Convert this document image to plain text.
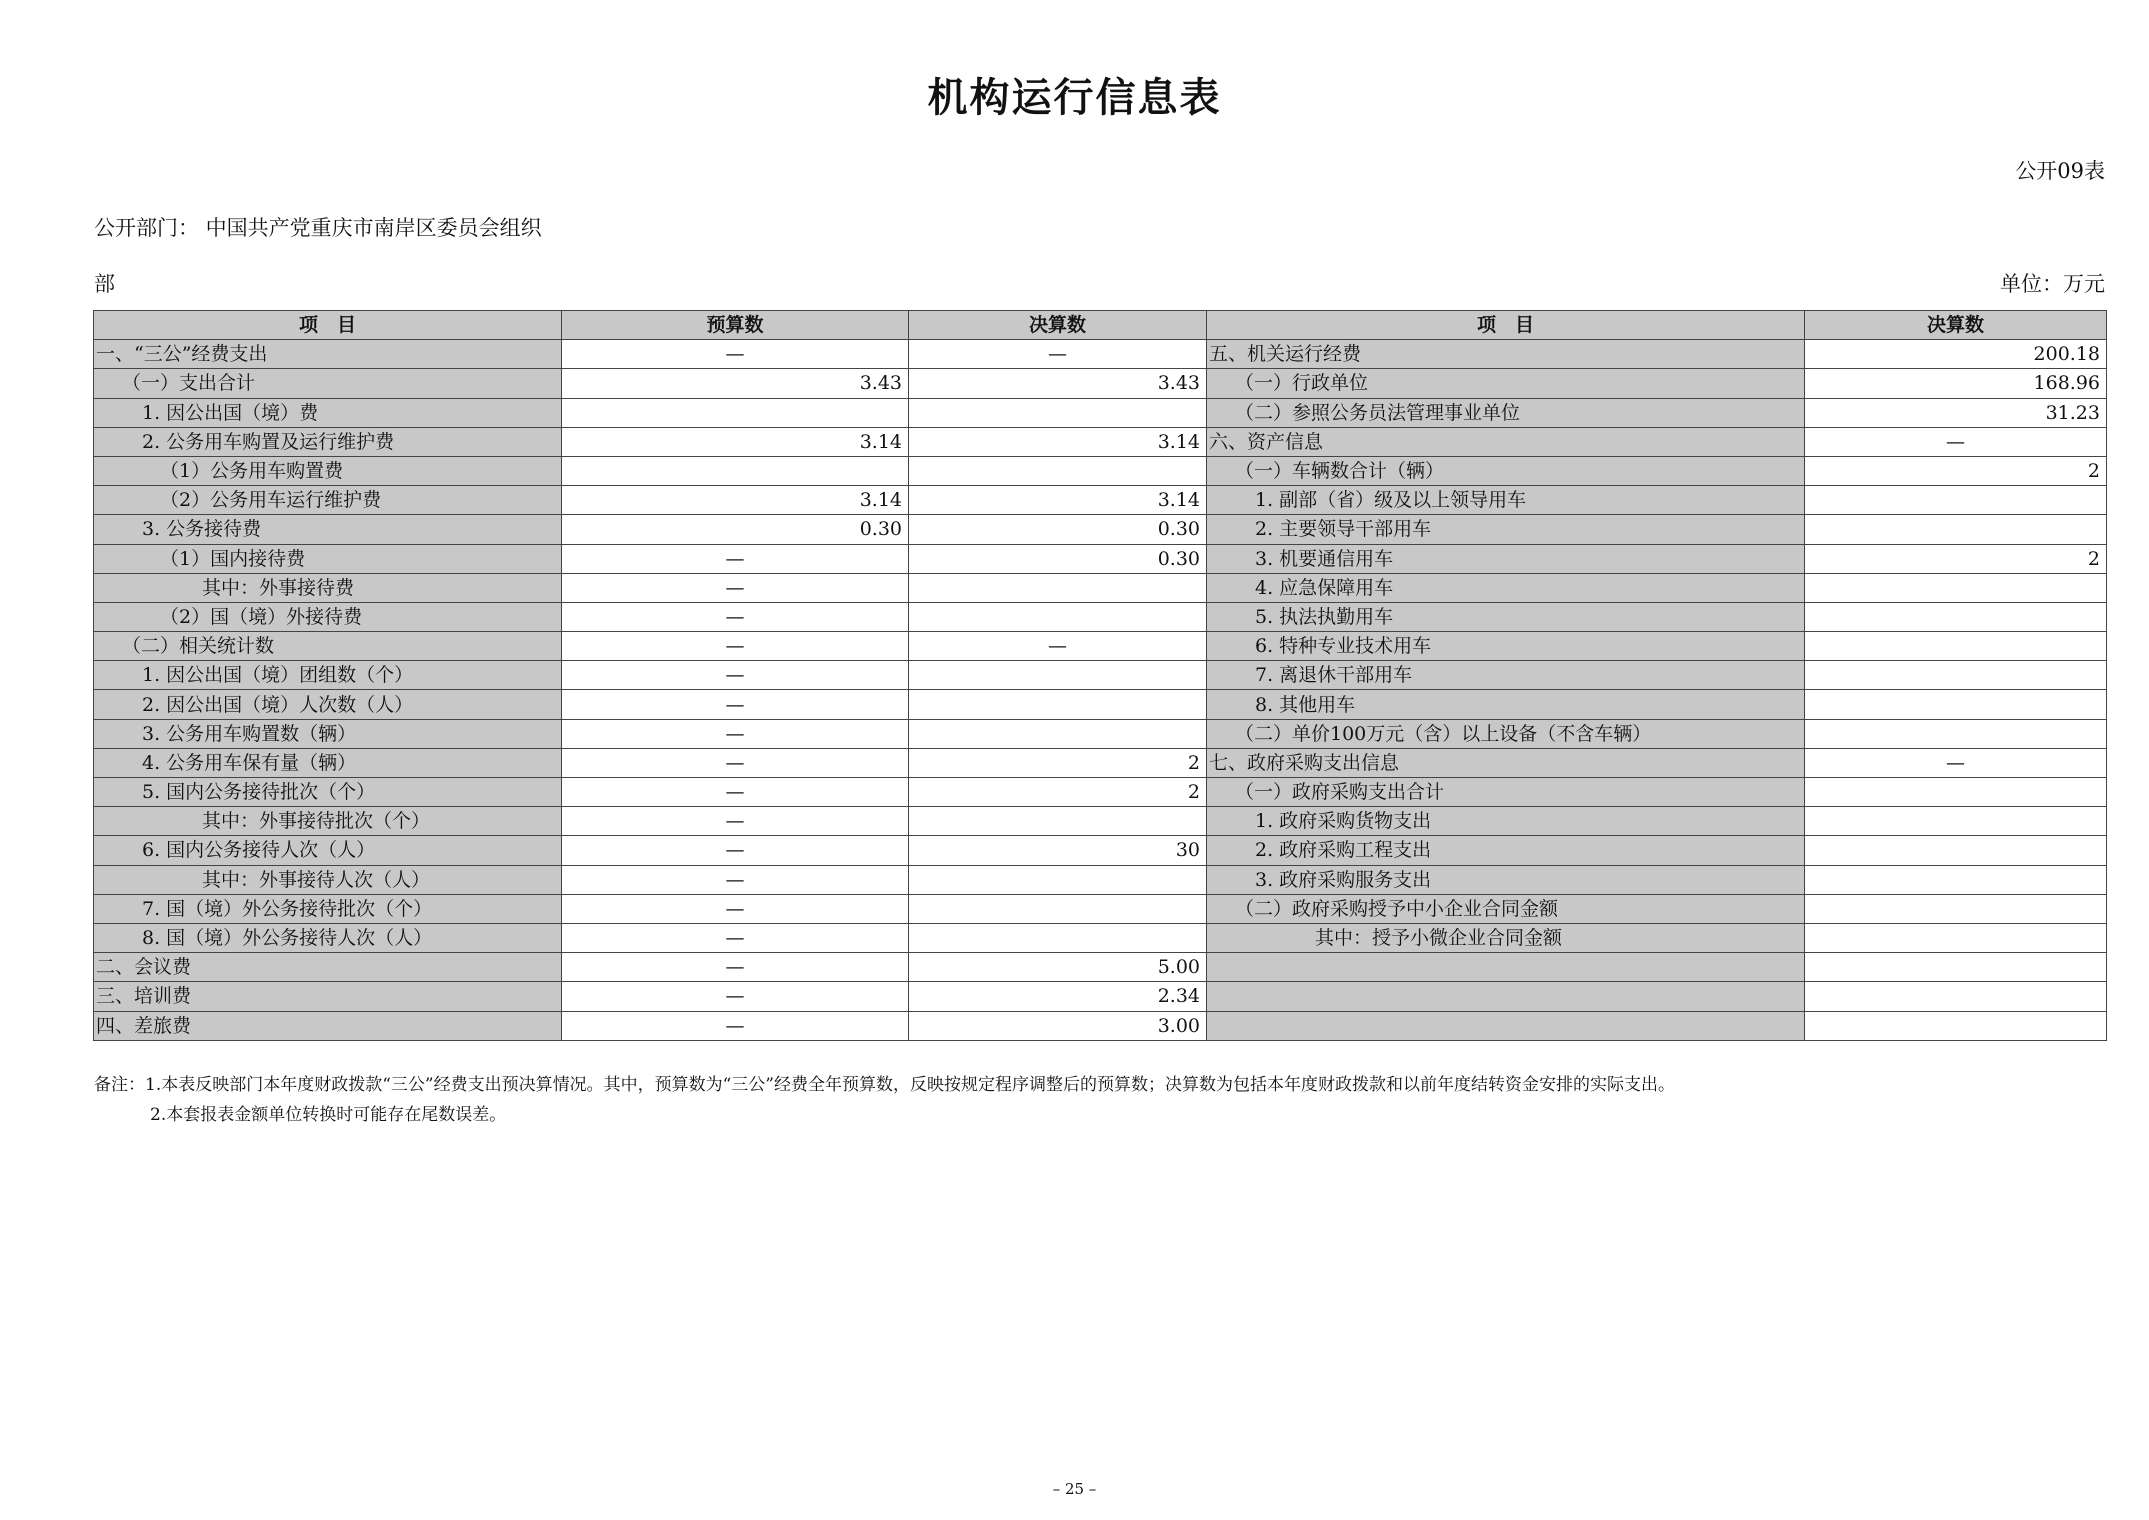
机构运行信息表
公开09表
公开部门： 中国共产党重庆市南岸区委员会组织
部	单位：万元
项　目	预算数	决算数	项　目	决算数
一、“三公”经费支出	—	—	五、机关运行经费	200.18
（一）支出合计	3.43	3.43	（一）行政单位	168.96
1. 因公出国（境）费			（二）参照公务员法管理事业单位	31.23
2. 公务用车购置及运行维护费	3.14	3.14	六、资产信息	—
（1）公务用车购置费			（一）车辆数合计（辆）	2
（2）公务用车运行维护费	3.14	3.14	1. 副部（省）级及以上领导用车	
3. 公务接待费	0.30	0.30	2. 主要领导干部用车	
（1）国内接待费	—	0.30	3. 机要通信用车	2
其中：外事接待费	—		4. 应急保障用车	
（2）国（境）外接待费	—		5. 执法执勤用车	
（二）相关统计数	—	—	6. 特种专业技术用车	
1. 因公出国（境）团组数（个）	—		7. 离退休干部用车	
2. 因公出国（境）人次数（人）	—		8. 其他用车	
3. 公务用车购置数（辆）	—		（二）单价100万元（含）以上设备（不含车辆）	
4. 公务用车保有量（辆）	—	2	七、政府采购支出信息	—
5. 国内公务接待批次（个）	—	2	（一）政府采购支出合计	
其中：外事接待批次（个）	—		1. 政府采购货物支出	
6. 国内公务接待人次（人）	—	30	2. 政府采购工程支出	
其中：外事接待人次（人）	—		3. 政府采购服务支出	
7. 国（境）外公务接待批次（个）	—		（二）政府采购授予中小企业合同金额	
8. 国（境）外公务接待人次（人）	—		其中：授予小微企业合同金额	
二、会议费	—	5.00		
三、培训费	—	2.34		
四、差旅费	—	3.00		
备注：1.本表反映部门本年度财政拨款“三公”经费支出预决算情况。其中，预算数为“三公”经费全年预算数，反映按规定程序调整后的预算数；决算数为包括本年度财政拨款和以前年度结转资金安排的实际支出。
2.本套报表金额单位转换时可能存在尾数误差。
– 25 –
